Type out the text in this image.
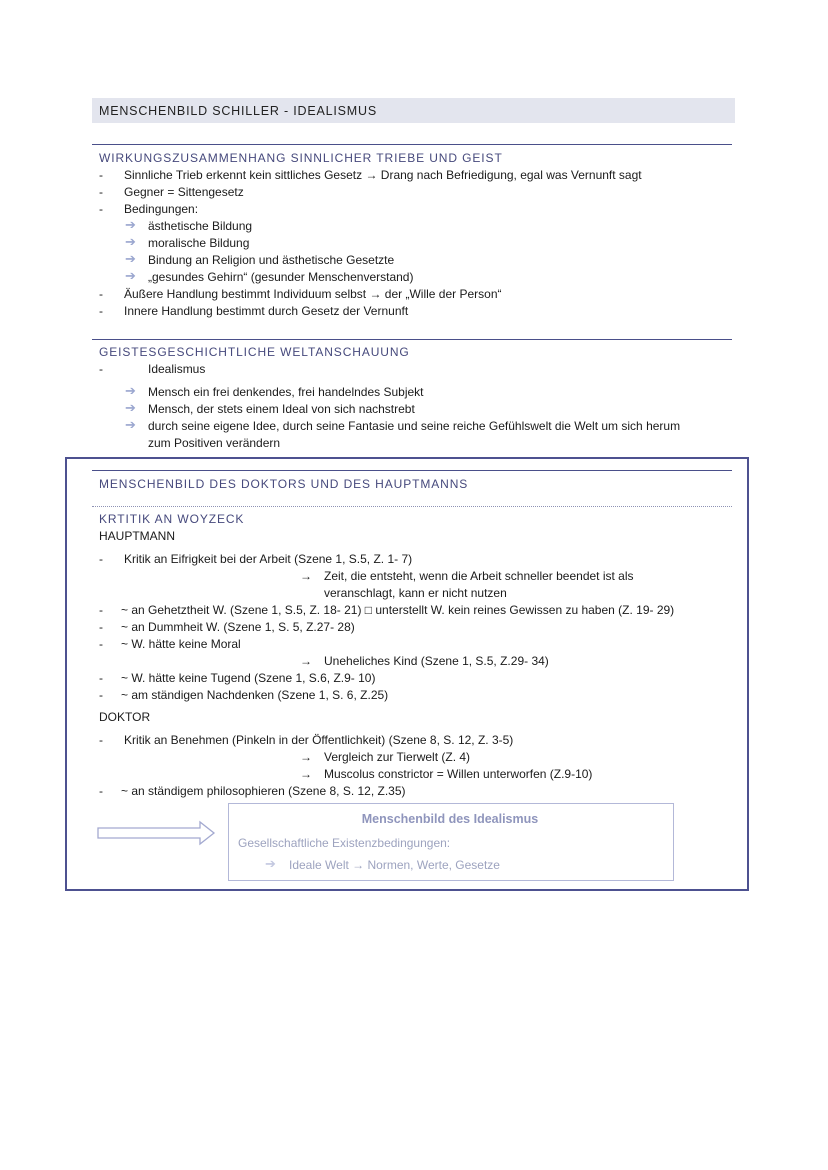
MENSCHENBILD SCHILLER - IDEALISMUS
WIRKUNGSZUSAMMENHANG SINNLICHER TRIEBE UND GEIST
-	Sinnliche Trieb erkennt kein sittliches Gesetz → Drang nach Befriedigung, egal was Vernunft sagt
-	Gegner = Sittengesetz
-	Bedingungen:
➔ ästhetische Bildung
➔ moralische Bildung
➔ Bindung an Religion und ästhetische Gesetzte
➔ „gesundes Gehirn“ (gesunder Menschenverstand)
-	Äußere Handlung bestimmt Individuum selbst → der „Wille der Person“
-	Innere Handlung bestimmt durch Gesetz der Vernunft
GEISTESGESCHICHTLICHE WELTANSCHAUUNG
-	Idealismus
➔ Mensch ein frei denkendes, frei handelndes Subjekt
➔ Mensch, der stets einem Ideal von sich nachstrebt
➔ durch seine eigene Idee, durch seine Fantasie und seine reiche Gefühlswelt die Welt um sich herum
zum Positiven verändern
MENSCHENBILD DES DOKTORS UND DES HAUPTMANNS
KRTITIK AN WOYZECK
HAUPTMANN
-	Kritik an Eifrigkeit bei der Arbeit (Szene 1, S.5, Z. 1- 7)
→ Zeit, die entsteht, wenn die Arbeit schneller beendet ist als
veranschlagt, kann er nicht nutzen
-	~ an Gehetztheit W. (Szene 1, S.5, Z. 18- 21) □ unterstellt W. kein reines Gewissen zu haben (Z. 19- 29)
-	~ an Dummheit W. (Szene 1, S. 5, Z.27- 28)
-	~ W. hätte keine Moral
→ Uneheliches Kind (Szene 1, S.5, Z.29- 34)
-	~ W. hätte keine Tugend (Szene 1, S.6, Z.9- 10)
-	~ am ständigen Nachdenken (Szene 1, S. 6, Z.25)
DOKTOR
-	Kritik an Benehmen (Pinkeln in der Öffentlichkeit) (Szene 8, S. 12, Z. 3-5)
→ Vergleich zur Tierwelt (Z. 4)
→ Muscolus constrictor = Willen unterworfen (Z.9-10)
-	~ an ständigem philosophieren (Szene 8, S. 12, Z.35)
Menschenbild des Idealismus
Gesellschaftliche Existenzbedingungen:
➔ Ideale Welt → Normen, Werte, Gesetze
